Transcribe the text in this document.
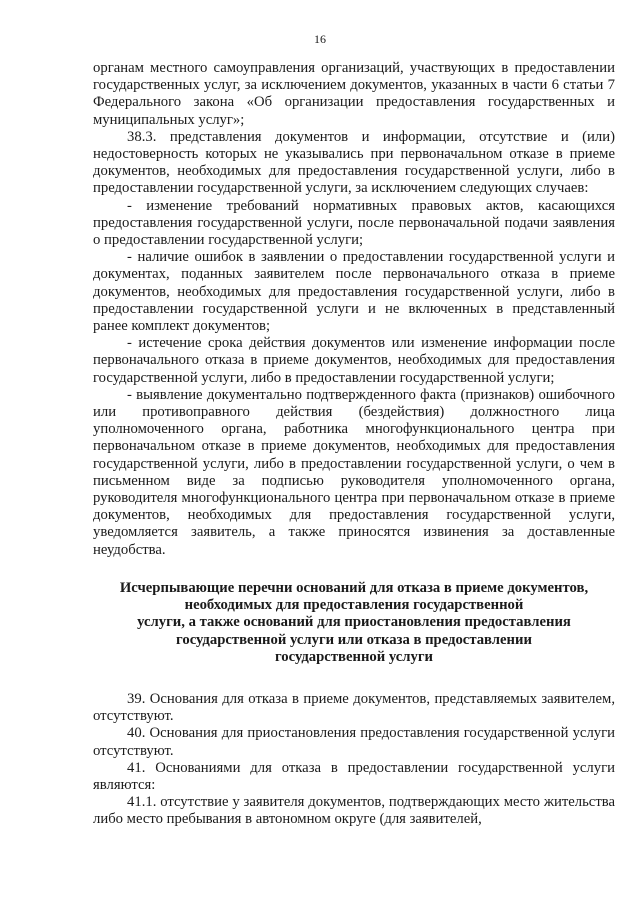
16

органам местного самоуправления организаций, участвующих в предоставлении государственных услуг, за исключением документов, указанных в части 6 статьи 7 Федерального закона «Об организации предоставления государственных и муниципальных услуг»;

38.3. представления документов и информации, отсутствие и (или) недостоверность которых не указывались при первоначальном отказе в приеме документов, необходимых для предоставления государственной услуги, либо в предоставлении государственной услуги, за исключением следующих случаев:

- изменение требований нормативных правовых актов, касающихся предоставления государственной услуги, после первоначальной подачи заявления о предоставлении государственной услуги;

- наличие ошибок в заявлении о предоставлении государственной услуги и документах, поданных заявителем после первоначального отказа в приеме документов, необходимых для предоставления государственной услуги, либо в предоставлении государственной услуги и не включенных в представленный ранее комплект документов;

- истечение срока действия документов или изменение информации после первоначального отказа в приеме документов, необходимых для предоставления государственной услуги, либо в предоставлении государственной услуги;

- выявление документально подтвержденного факта (признаков) ошибочного или противоправного действия (бездействия) должностного лица уполномоченного органа, работника многофункционального центра при первоначальном отказе в приеме документов, необходимых для предоставления государственной услуги, либо в предоставлении государственной услуги, о чем в письменном виде за подписью руководителя уполномоченного органа, руководителя многофункционального центра при первоначальном отказе в приеме документов, необходимых для предоставления государственной услуги, уведомляется заявитель, а также приносятся извинения за доставленные неудобства.

Исчерпывающие перечни оснований для отказа в приеме документов,
необходимых для предоставления государственной
услуги, а также оснований для приостановления предоставления
государственной услуги или отказа в предоставлении
государственной услуги

39. Основания для отказа в приеме документов, представляемых заявителем, отсутствуют.

40. Основания для приостановления предоставления государственной услуги отсутствуют.

41. Основаниями для отказа в предоставлении государственной услуги являются:

41.1. отсутствие у заявителя документов, подтверждающих место жительства либо место пребывания в автономном округе (для заявителей,
